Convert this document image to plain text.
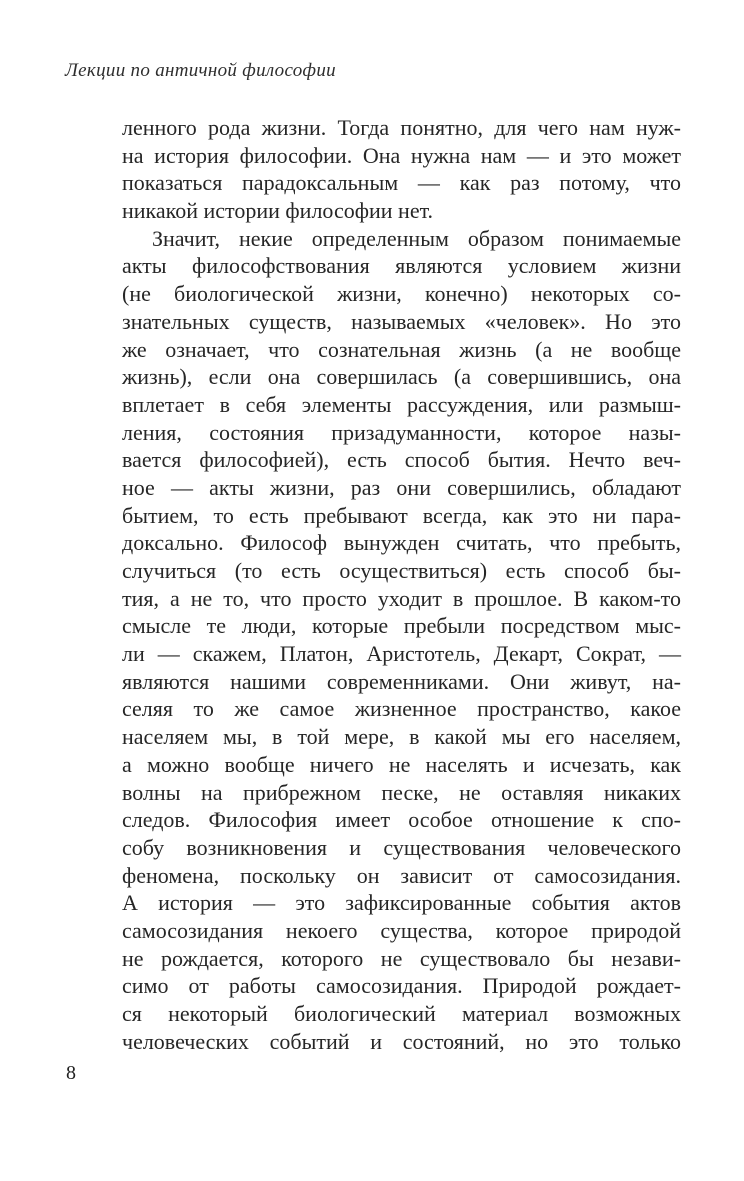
Лекции по античной философии
ленного рода жизни. Тогда понятно, для чего нам нуж-
на история философии. Она нужна нам — и это может
показаться парадоксальным — как раз потому, что
никакой истории философии нет.
Значит, некие определенным образом понимаемые
акты философствования являются условием жизни
(не биологической жизни, конечно) некоторых со-
знательных существ, называемых «человек». Но это
же означает, что сознательная жизнь (а не вообще
жизнь), если она совершилась (а совершившись, она
вплетает в себя элементы рассуждения, или размыш-
ления, состояния призадуманности, которое назы-
вается философией), есть способ бытия. Нечто веч-
ное — акты жизни, раз они совершились, обладают
бытием, то есть пребывают всегда, как это ни пара-
доксально. Философ вынужден считать, что пребыть,
случиться (то есть осуществиться) есть способ бы-
тия, а не то, что просто уходит в прошлое. В каком-то
смысле те люди, которые пребыли посредством мыс-
ли — скажем, Платон, Аристотель, Декарт, Сократ, —
являются нашими современниками. Они живут, на-
селяя то же самое жизненное пространство, какое
населяем мы, в той мере, в какой мы его населяем,
а можно вообще ничего не населять и исчезать, как
волны на прибрежном песке, не оставляя никаких
следов. Философия имеет особое отношение к спо-
собу возникновения и существования человеческого
феномена, поскольку он зависит от самосозидания.
А история — это зафиксированные события актов
самосозидания некоего существа, которое природой
не рождается, которого не существовало бы незави-
симо от работы самосозидания. Природой рождает-
ся некоторый биологический материал возможных
человеческих событий и состояний, но это только
8
